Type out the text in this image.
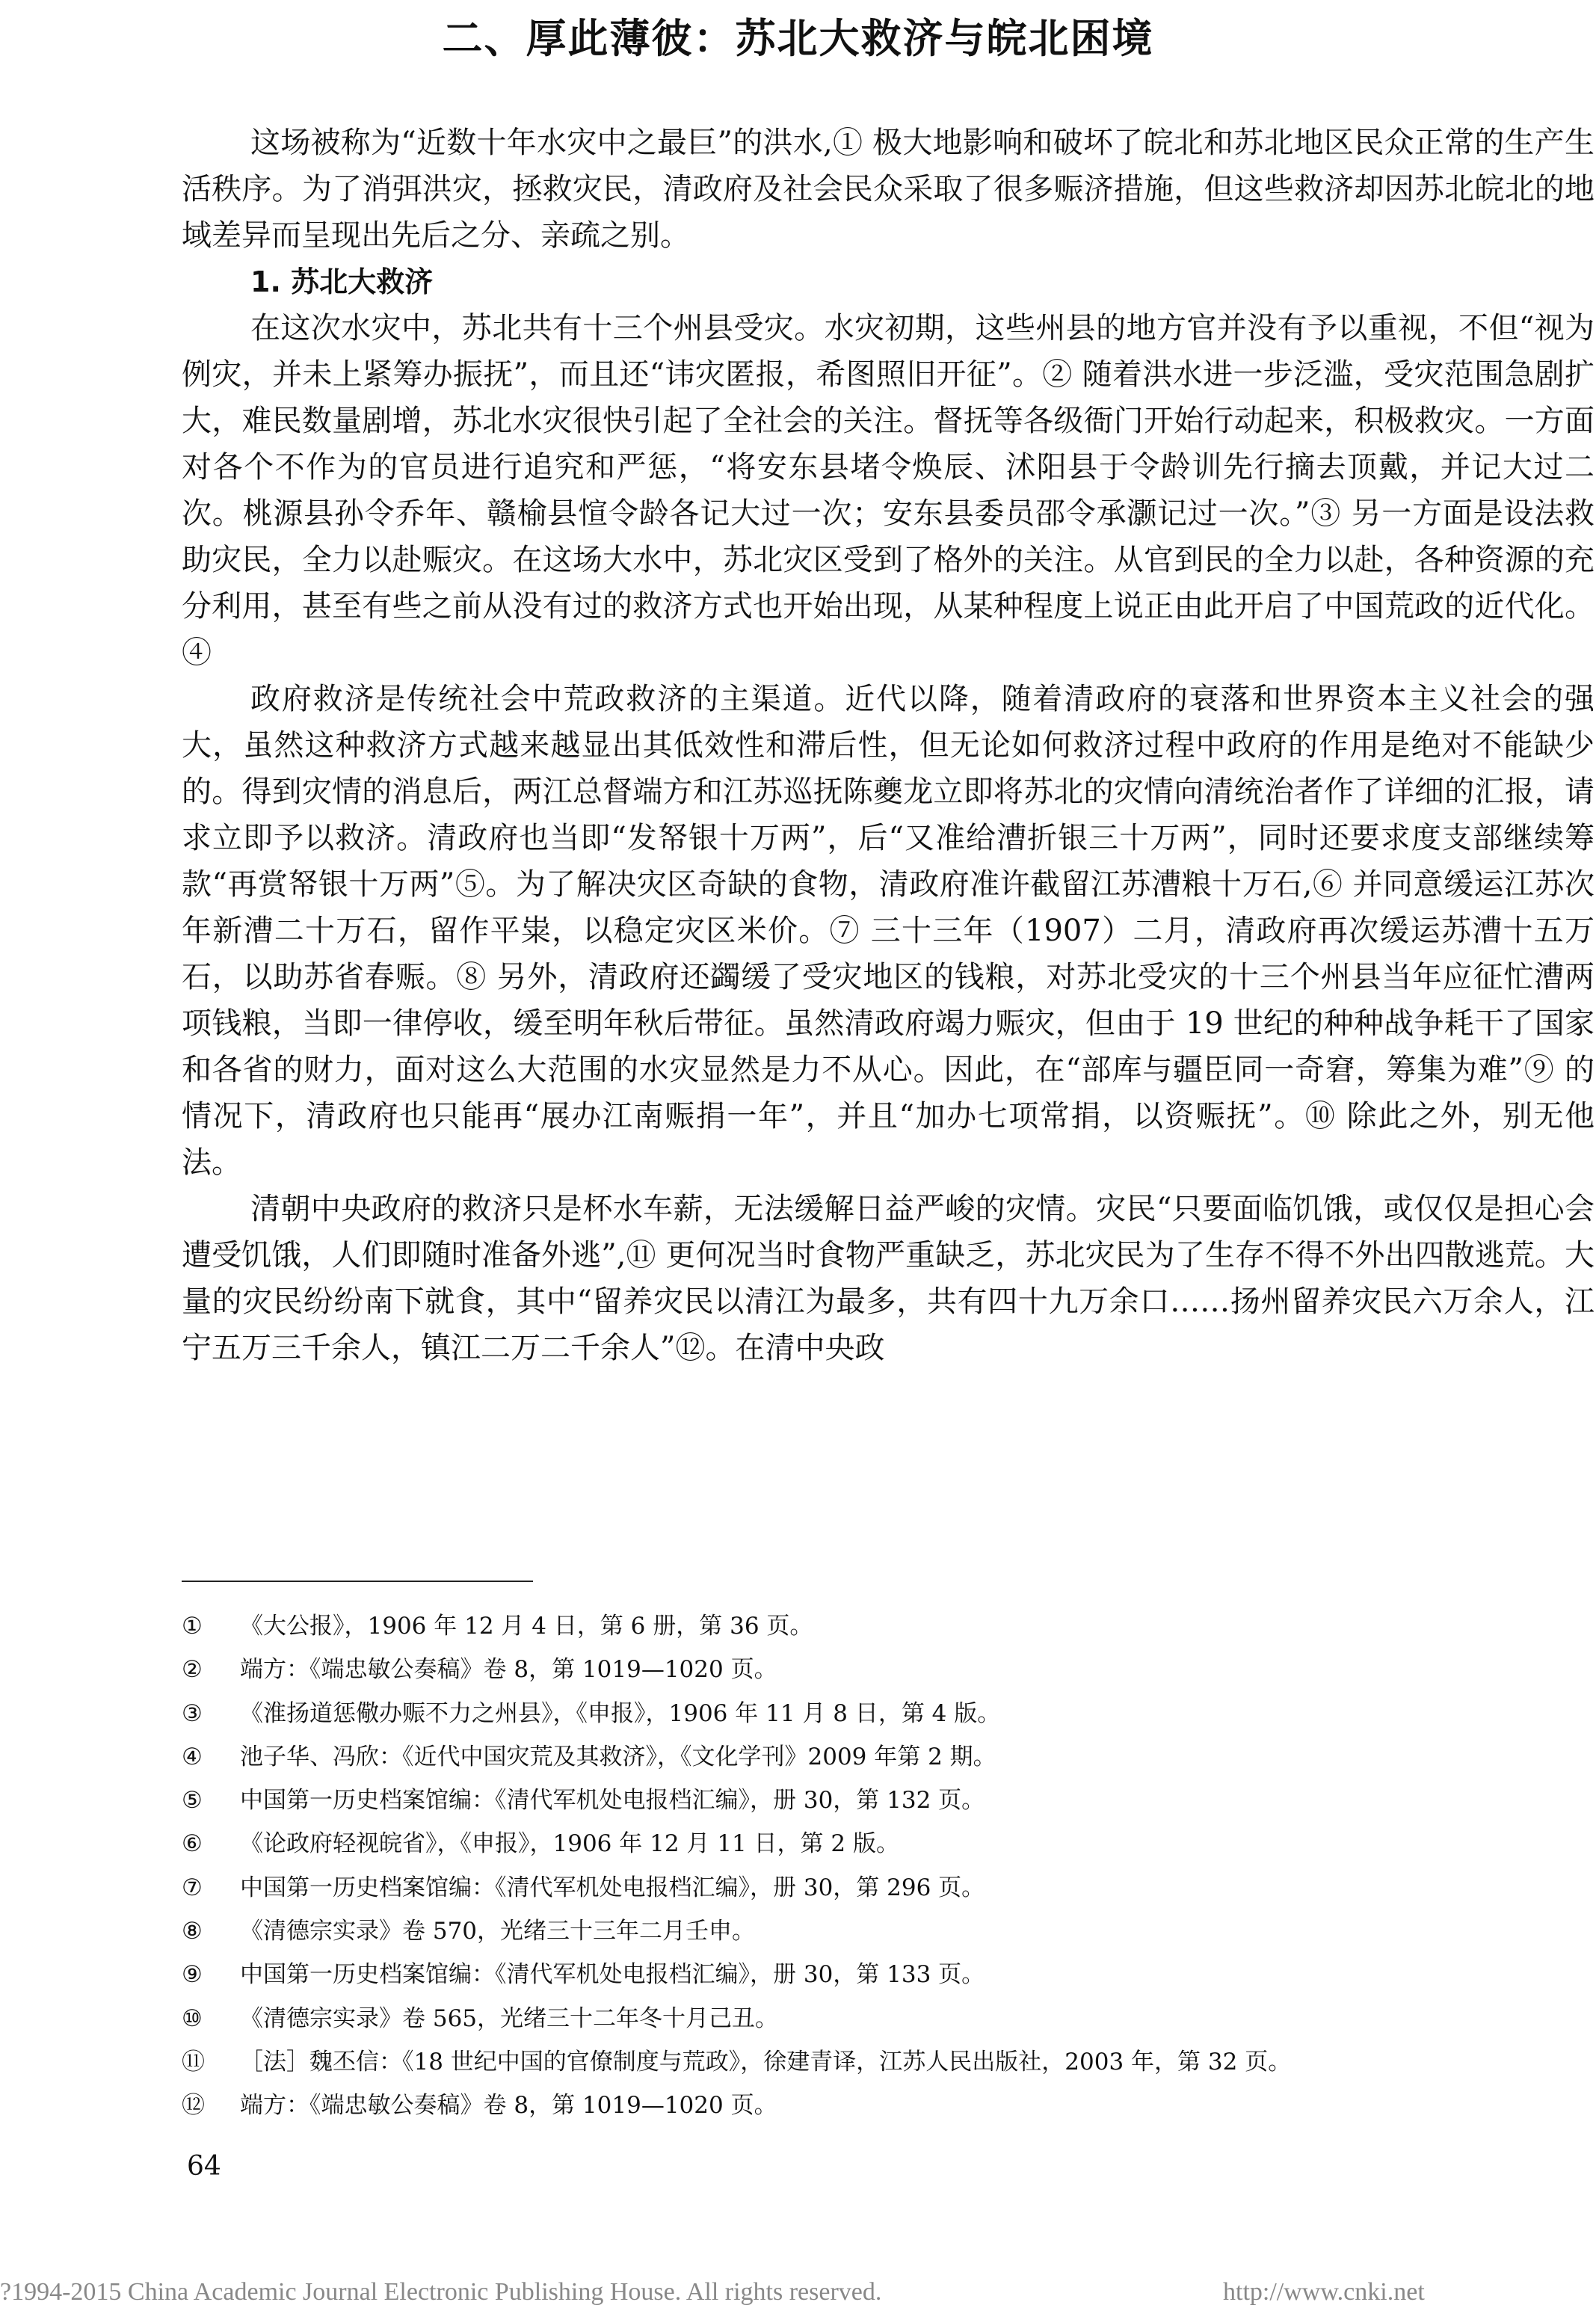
二、厚此薄彼：苏北大救济与皖北困境

这场被称为“近数十年水灾中之最巨”的洪水,① 极大地影响和破坏了皖北和苏北地区民众正常的生产生活秩序。为了消弭洪灾，拯救灾民，清政府及社会民众采取了很多赈济措施，但这些救济却因苏北皖北的地域差异而呈现出先后之分、亲疏之别。

1. 苏北大救济

在这次水灾中，苏北共有十三个州县受灾。水灾初期，这些州县的地方官并没有予以重视，不但“视为例灾，并未上紧筹办振抚”，而且还“讳灾匿报，希图照旧开征”。② 随着洪水进一步泛滥，受灾范围急剧扩大，难民数量剧增，苏北水灾很快引起了全社会的关注。督抚等各级衙门开始行动起来，积极救灾。一方面对各个不作为的官员进行追究和严惩，“将安东县堵令焕辰、沭阳县于令龄训先行摘去顶戴，并记大过二次。桃源县孙令乔年、赣榆县愃令龄各记大过一次；安东县委员邵令承灏记过一次。”③ 另一方面是设法救助灾民，全力以赴赈灾。在这场大水中，苏北灾区受到了格外的关注。从官到民的全力以赴，各种资源的充分利用，甚至有些之前从没有过的救济方式也开始出现，从某种程度上说正由此开启了中国荒政的近代化。④

政府救济是传统社会中荒政救济的主渠道。近代以降，随着清政府的衰落和世界资本主义社会的强大，虽然这种救济方式越来越显出其低效性和滞后性，但无论如何救济过程中政府的作用是绝对不能缺少的。得到灾情的消息后，两江总督端方和江苏巡抚陈夔龙立即将苏北的灾情向清统治者作了详细的汇报，请求立即予以救济。清政府也当即“发帑银十万两”，后“又准给漕折银三十万两”，同时还要求度支部继续筹款“再赏帑银十万两”⑤。为了解决灾区奇缺的食物，清政府准许截留江苏漕粮十万石,⑥ 并同意缓运江苏次年新漕二十万石，留作平粜，以稳定灾区米价。⑦ 三十三年（1907）二月，清政府再次缓运苏漕十五万石，以助苏省春赈。⑧ 另外，清政府还蠲缓了受灾地区的钱粮，对苏北受灾的十三个州县当年应征忙漕两项钱粮，当即一律停收，缓至明年秋后带征。虽然清政府竭力赈灾，但由于 19 世纪的种种战争耗干了国家和各省的财力，面对这么大范围的水灾显然是力不从心。因此，在“部库与疆臣同一奇窘，筹集为难”⑨ 的情况下，清政府也只能再“展办江南赈捐一年”，并且“加办七项常捐，以资赈抚”。⑩ 除此之外，别无他法。

清朝中央政府的救济只是杯水车薪，无法缓解日益严峻的灾情。灾民“只要面临饥饿，或仅仅是担心会遭受饥饿，人们即随时准备外逃”,⑪ 更何况当时食物严重缺乏，苏北灾民为了生存不得不外出四散逃荒。大量的灾民纷纷南下就食，其中“留养灾民以清江为最多，共有四十九万余口……扬州留养灾民六万余人，江宁五万三千余人，镇江二万二千余人”⑫。在清中央政

①	《大公报》，1906 年 12 月 4 日，第 6 册，第 36 页。
②	端方：《端忠敏公奏稿》卷 8，第 1019—1020 页。
③	《淮扬道惩儆办赈不力之州县》，《申报》，1906 年 11 月 8 日，第 4 版。
④	池子华、冯欣：《近代中国灾荒及其救济》，《文化学刊》2009 年第 2 期。
⑤	中国第一历史档案馆编：《清代军机处电报档汇编》，册 30，第 132 页。
⑥	《论政府轻视皖省》，《申报》，1906 年 12 月 11 日，第 2 版。
⑦	中国第一历史档案馆编：《清代军机处电报档汇编》，册 30，第 296 页。
⑧	《清德宗实录》卷 570，光绪三十三年二月壬申。
⑨	中国第一历史档案馆编：《清代军机处电报档汇编》，册 30，第 133 页。
⑩	《清德宗实录》卷 565，光绪三十二年冬十月己丑。
⑪	［法］魏丕信：《18 世纪中国的官僚制度与荒政》，徐建青译，江苏人民出版社，2003 年，第 32 页。
⑫	端方：《端忠敏公奏稿》卷 8，第 1019—1020 页。
64
?1994-2015 China Academic Journal Electronic Publishing House. All rights reserved.	http://www.cnki.net
